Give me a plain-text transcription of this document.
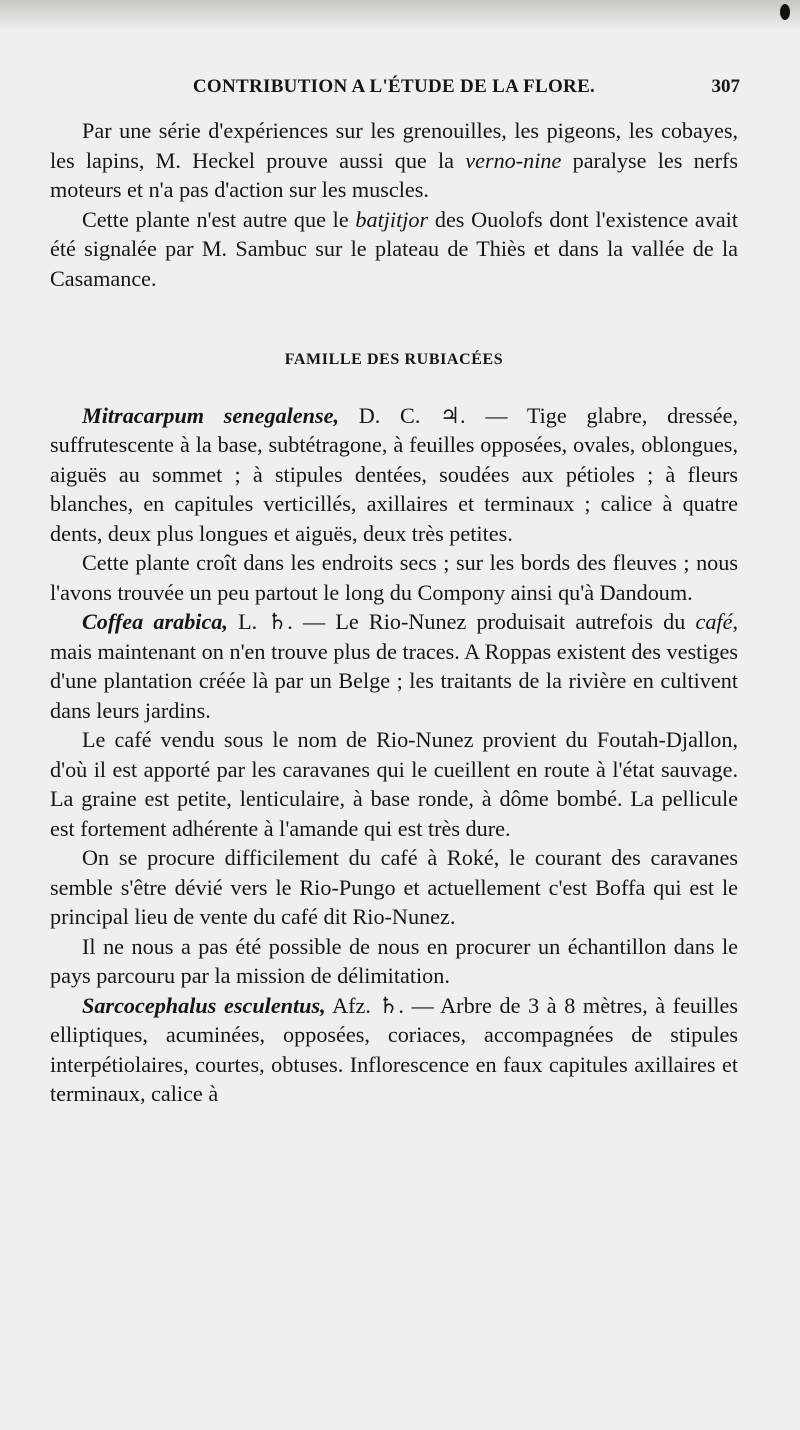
CONTRIBUTION A L'ÉTUDE DE LA FLORE.	307

Par une série d'expériences sur les grenouilles, les pigeons, les cobayes, les lapins, M. Heckel prouve aussi que la verno-nine paralyse les nerfs moteurs et n'a pas d'action sur les muscles.

Cette plante n'est autre que le batjitjor des Ouolofs dont l'existence avait été signalée par M. Sambuc sur le plateau de Thiès et dans la vallée de la Casamance.

FAMILLE DES RUBIACÉES

Mitracarpum senegalense, D. C. ♃. — Tige glabre, dressée, suffrutescente à la base, subtétragone, à feuilles opposées, ovales, oblongues, aiguës au sommet ; à stipules dentées, soudées aux pétioles ; à fleurs blanches, en capitules verticillés, axillaires et terminaux ; calice à quatre dents, deux plus longues et aiguës, deux très petites.

Cette plante croît dans les endroits secs ; sur les bords des fleuves ; nous l'avons trouvée un peu partout le long du Compony ainsi qu'à Dandoum.

Coffea arabica, L. ♄. — Le Rio-Nunez produisait autrefois du café, mais maintenant on n'en trouve plus de traces. A Roppas existent des vestiges d'une plantation créée là par un Belge ; les traitants de la rivière en cultivent dans leurs jardins.

Le café vendu sous le nom de Rio-Nunez provient du Foutah-Djallon, d'où il est apporté par les caravanes qui le cueillent en route à l'état sauvage. La graine est petite, lenticulaire, à base ronde, à dôme bombé. La pellicule est fortement adhérente à l'amande qui est très dure.

On se procure difficilement du café à Roké, le courant des caravanes semble s'être dévié vers le Rio-Pungo et actuellement c'est Boffa qui est le principal lieu de vente du café dit Rio-Nunez.

Il ne nous a pas été possible de nous en procurer un échantillon dans le pays parcouru par la mission de délimitation.

Sarcocephalus esculentus, Afz. ♄. — Arbre de 3 à 8 mètres, à feuilles elliptiques, acuminées, opposées, coriaces, accompagnées de stipules interpétiolaires, courtes, obtuses. Inflorescence en faux capitules axillaires et terminaux, calice à
